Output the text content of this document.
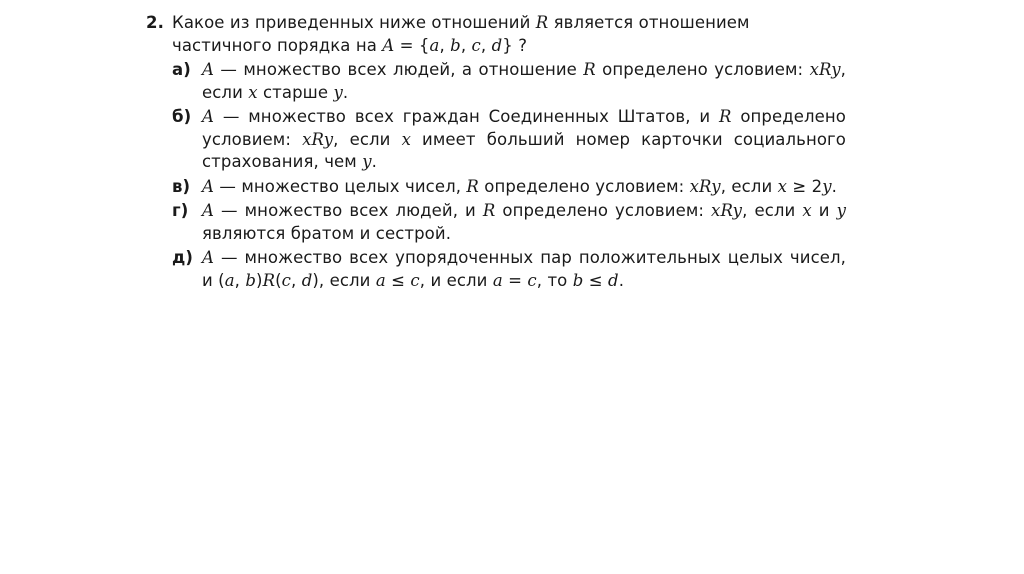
2. Какое из приведенных ниже отношений R является отношением частичного порядка на A = {a, b, c, d} ?
а) A — множество всех людей, а отношение R определено условием: xRy, если x старше y.
б) A — множество всех граждан Соединенных Штатов, и R определено условием: xRy, если x имеет больший номер карточки социального страхования, чем y.
в) A — множество целых чисел, R определено условием: xRy, если x ≥ 2y.
г) A — множество всех людей, и R определено условием: xRy, если x и y являются братом и сестрой.
д) A — множество всех упорядоченных пар положительных целых чисел, и (a, b)R(c, d), если a ≤ c, и если a = c, то b ≤ d.
